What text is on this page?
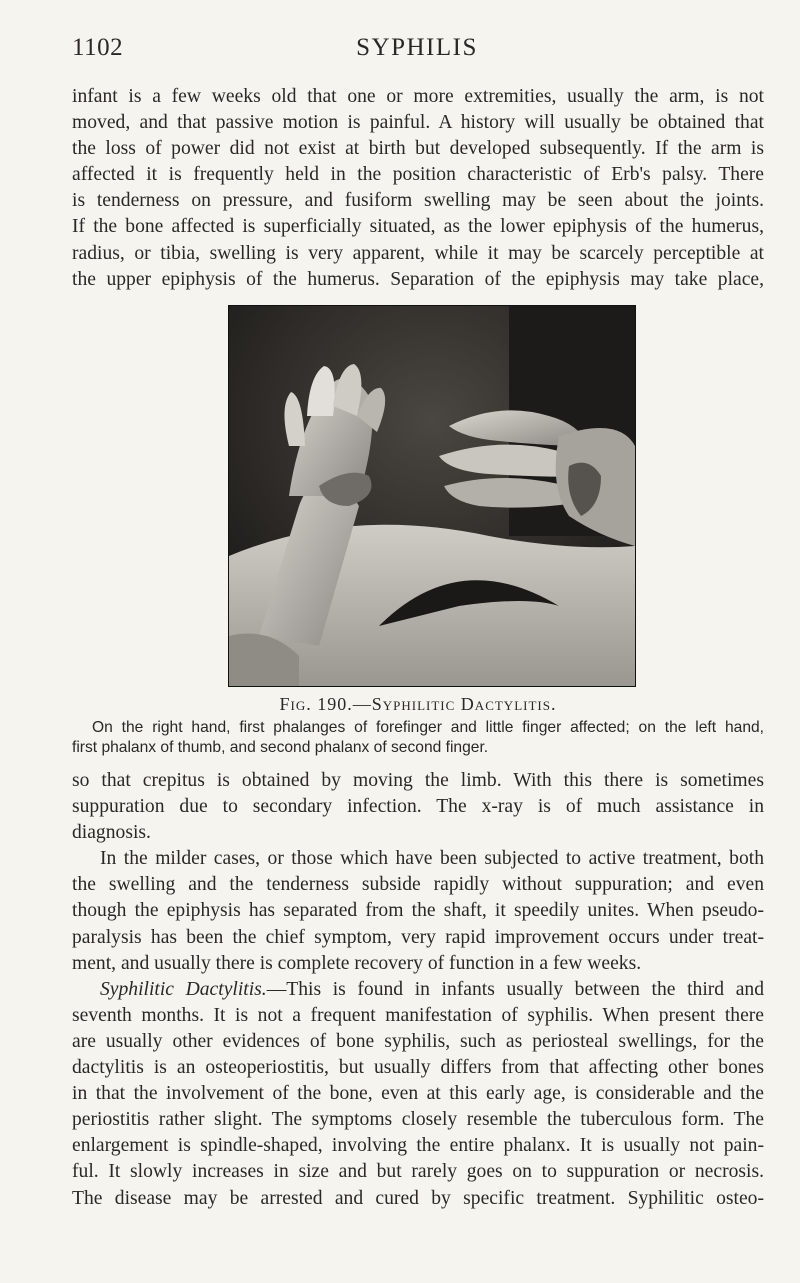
1102	SYPHILIS
infant is a few weeks old that one or more extremities, usually the arm, is not
moved, and that passive motion is painful. A history will usually be obtained that
the loss of power did not exist at birth but developed subsequently. If the arm is
affected it is frequently held in the position characteristic of Erb's palsy. There
is tenderness on pressure, and fusiform swelling may be seen about the joints.
If the bone affected is superficially situated, as the lower epiphysis of the humerus,
radius, or tibia, swelling is very apparent, while it may be scarcely perceptible at
the upper epiphysis of the humerus. Separation of the epiphysis may take place,
Fig. 190.—Syphilitic Dactylitis.
On the right hand, first phalanges of forefinger and little finger affected; on the left hand,
first phalanx of thumb, and second phalanx of second finger.
so that crepitus is obtained by moving the limb. With this there is sometimes
suppuration due to secondary infection. The x-ray is of much assistance in
diagnosis.
In the milder cases, or those which have been subjected to active treatment, both
the swelling and the tenderness subside rapidly without suppuration; and even
though the epiphysis has separated from the shaft, it speedily unites. When pseudo-
paralysis has been the chief symptom, very rapid improvement occurs under treat-
ment, and usually there is complete recovery of function in a few weeks.
Syphilitic Dactylitis.—This is found in infants usually between the third and
seventh months. It is not a frequent manifestation of syphilis. When present there
are usually other evidences of bone syphilis, such as periosteal swellings, for the
dactylitis is an osteoperiostitis, but usually differs from that affecting other bones
in that the involvement of the bone, even at this early age, is considerable and the
periostitis rather slight. The symptoms closely resemble the tuberculous form. The
enlargement is spindle-shaped, involving the entire phalanx. It is usually not pain-
ful. It slowly increases in size and but rarely goes on to suppuration or necrosis.
The disease may be arrested and cured by specific treatment. Syphilitic osteo-
